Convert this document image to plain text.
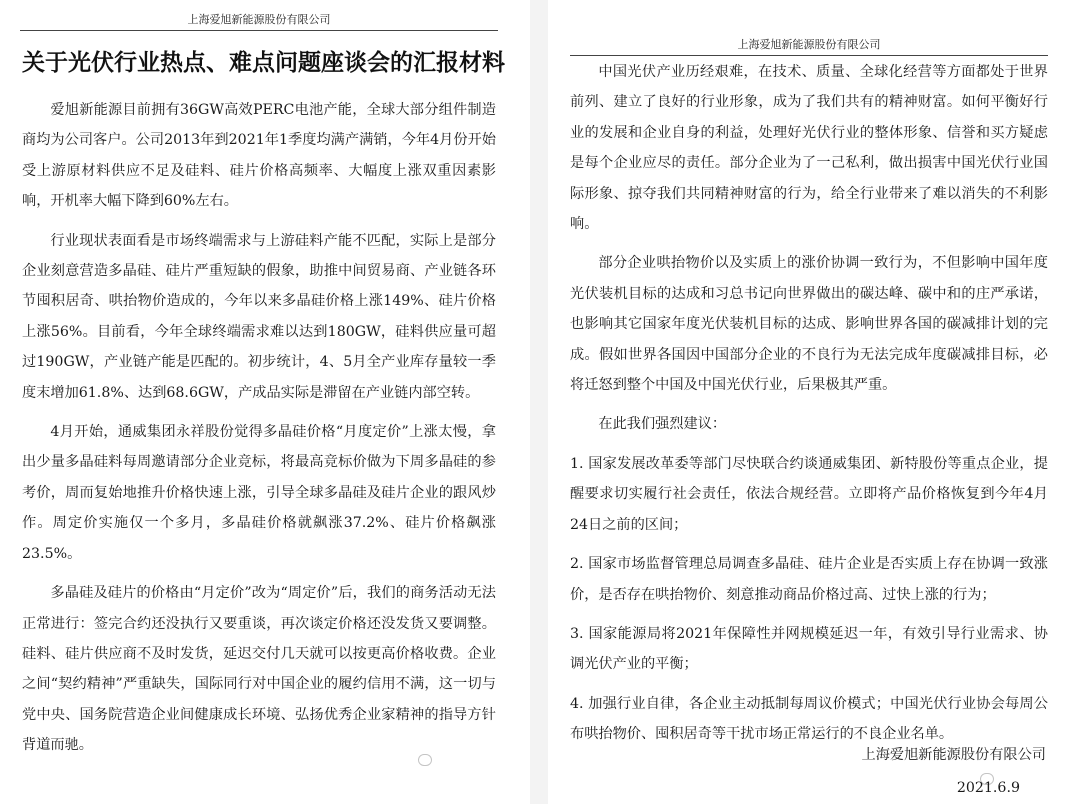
上海爱旭新能源股份有限公司
关于光伏行业热点、难点问题座谈会的汇报材料

爱旭新能源目前拥有36GW高效PERC电池产能，全球大部分组件制造商均为公司客户。公司2013年到2021年1季度均满产满销，今年4月份开始受上游原材料供应不足及硅料、硅片价格高频率、大幅度上涨双重因素影响，开机率大幅下降到60%左右。

行业现状表面看是市场终端需求与上游硅料产能不匹配，实际上是部分企业刻意营造多晶硅、硅片严重短缺的假象，助推中间贸易商、产业链各环节囤积居奇、哄抬物价造成的，今年以来多晶硅价格上涨149%、硅片价格上涨56%。目前看，今年全球终端需求难以达到180GW，硅料供应量可超过190GW，产业链产能是匹配的。初步统计，4、5月全产业库存量较一季度末增加61.8%、达到68.6GW，产成品实际是滞留在产业链内部空转。

4月开始，通威集团永祥股份觉得多晶硅价格“月度定价”上涨太慢，拿出少量多晶硅料每周邀请部分企业竞标，将最高竞标价做为下周多晶硅的参考价，周而复始地推升价格快速上涨，引导全球多晶硅及硅片企业的跟风炒作。周定价实施仅一个多月，多晶硅价格就飙涨37.2%、硅片价格飙涨23.5%。

多晶硅及硅片的价格由“月定价”改为“周定价”后，我们的商务活动无法正常进行：签完合约还没执行又要重谈，再次谈定价格还没发货又要调整。硅料、硅片供应商不及时发货，延迟交付几天就可以按更高价格收费。企业之间“契约精神”严重缺失，国际同行对中国企业的履约信用不满，这一切与党中央、国务院营造企业间健康成长环境、弘扬优秀企业家精神的指导方针背道而驰。

上海爱旭新能源股份有限公司

中国光伏产业历经艰难，在技术、质量、全球化经营等方面都处于世界前列、建立了良好的行业形象，成为了我们共有的精神财富。如何平衡好行业的发展和企业自身的利益，处理好光伏行业的整体形象、信誉和买方疑虑是每个企业应尽的责任。部分企业为了一己私利，做出损害中国光伏行业国际形象、掠夺我们共同精神财富的行为，给全行业带来了难以消失的不利影响。

部分企业哄抬物价以及实质上的涨价协调一致行为，不但影响中国年度光伏装机目标的达成和习总书记向世界做出的碳达峰、碳中和的庄严承诺，也影响其它国家年度光伏装机目标的达成、影响世界各国的碳减排计划的完成。假如世界各国因中国部分企业的不良行为无法完成年度碳减排目标，必将迁怒到整个中国及中国光伏行业，后果极其严重。

在此我们强烈建议：

1. 国家发展改革委等部门尽快联合约谈通威集团、新特股份等重点企业，提醒要求切实履行社会责任，依法合规经营。立即将产品价格恢复到今年4月24日之前的区间；

2. 国家市场监督管理总局调查多晶硅、硅片企业是否实质上存在协调一致涨价，是否存在哄抬物价、刻意推动商品价格过高、过快上涨的行为；

3. 国家能源局将2021年保障性并网规模延迟一年，有效引导行业需求、协调光伏产业的平衡；

4. 加强行业自律，各企业主动抵制每周议价模式；中国光伏行业协会每周公布哄抬物价、囤积居奇等干扰市场正常运行的不良企业名单。

上海爱旭新能源股份有限公司
2021.6.9
